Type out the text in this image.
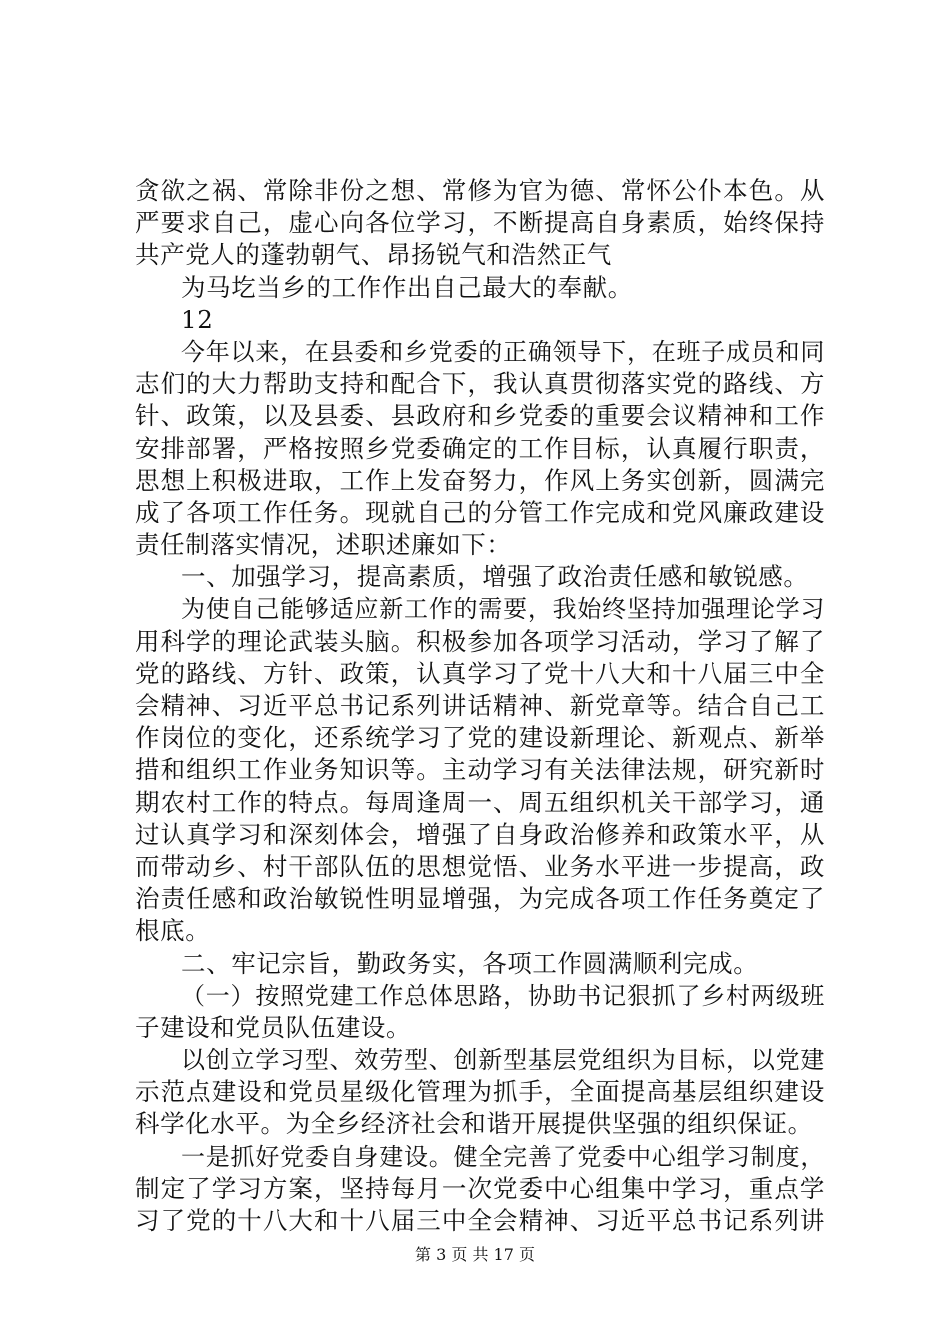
贪欲之祸、常除非份之想、常修为官为德、常怀公仆本色。从
严要求自己，虚心向各位学习，不断提高自身素质，始终保持
共产党人的蓬勃朝气、昂扬锐气和浩然正气
为马圪当乡的工作作出自己最大的奉献。
12
今年以来，在县委和乡党委的正确领导下，在班子成员和同
志们的大力帮助支持和配合下，我认真贯彻落实党的路线、方
针、政策，以及县委、县政府和乡党委的重要会议精神和工作
安排部署，严格按照乡党委确定的工作目标，认真履行职责，
思想上积极进取，工作上发奋努力，作风上务实创新，圆满完
成了各项工作任务。现就自己的分管工作完成和党风廉政建设
责任制落实情况，述职述廉如下：
一、加强学习，提高素质，增强了政治责任感和敏锐感。
为使自己能够适应新工作的需要，我始终坚持加强理论学习
用科学的理论武装头脑。积极参加各项学习活动，学习了解了
党的路线、方针、政策，认真学习了党十八大和十八届三中全
会精神、习近平总书记系列讲话精神、新党章等。结合自己工
作岗位的变化，还系统学习了党的建设新理论、新观点、新举
措和组织工作业务知识等。主动学习有关法律法规，研究新时
期农村工作的特点。每周逢周一、周五组织机关干部学习，通
过认真学习和深刻体会，增强了自身政治修养和政策水平，从
而带动乡、村干部队伍的思想觉悟、业务水平进一步提高，政
治责任感和政治敏锐性明显增强，为完成各项工作任务奠定了
根底。
二、牢记宗旨，勤政务实，各项工作圆满顺利完成。
（一）按照党建工作总体思路，协助书记狠抓了乡村两级班
子建设和党员队伍建设。
以创立学习型、效劳型、创新型基层党组织为目标，以党建
示范点建设和党员星级化管理为抓手，全面提高基层组织建设
科学化水平。为全乡经济社会和谐开展提供坚强的组织保证。
一是抓好党委自身建设。健全完善了党委中心组学习制度，
制定了学习方案，坚持每月一次党委中心组集中学习，重点学
习了党的十八大和十八届三中全会精神、习近平总书记系列讲
第 3 页 共 17 页
